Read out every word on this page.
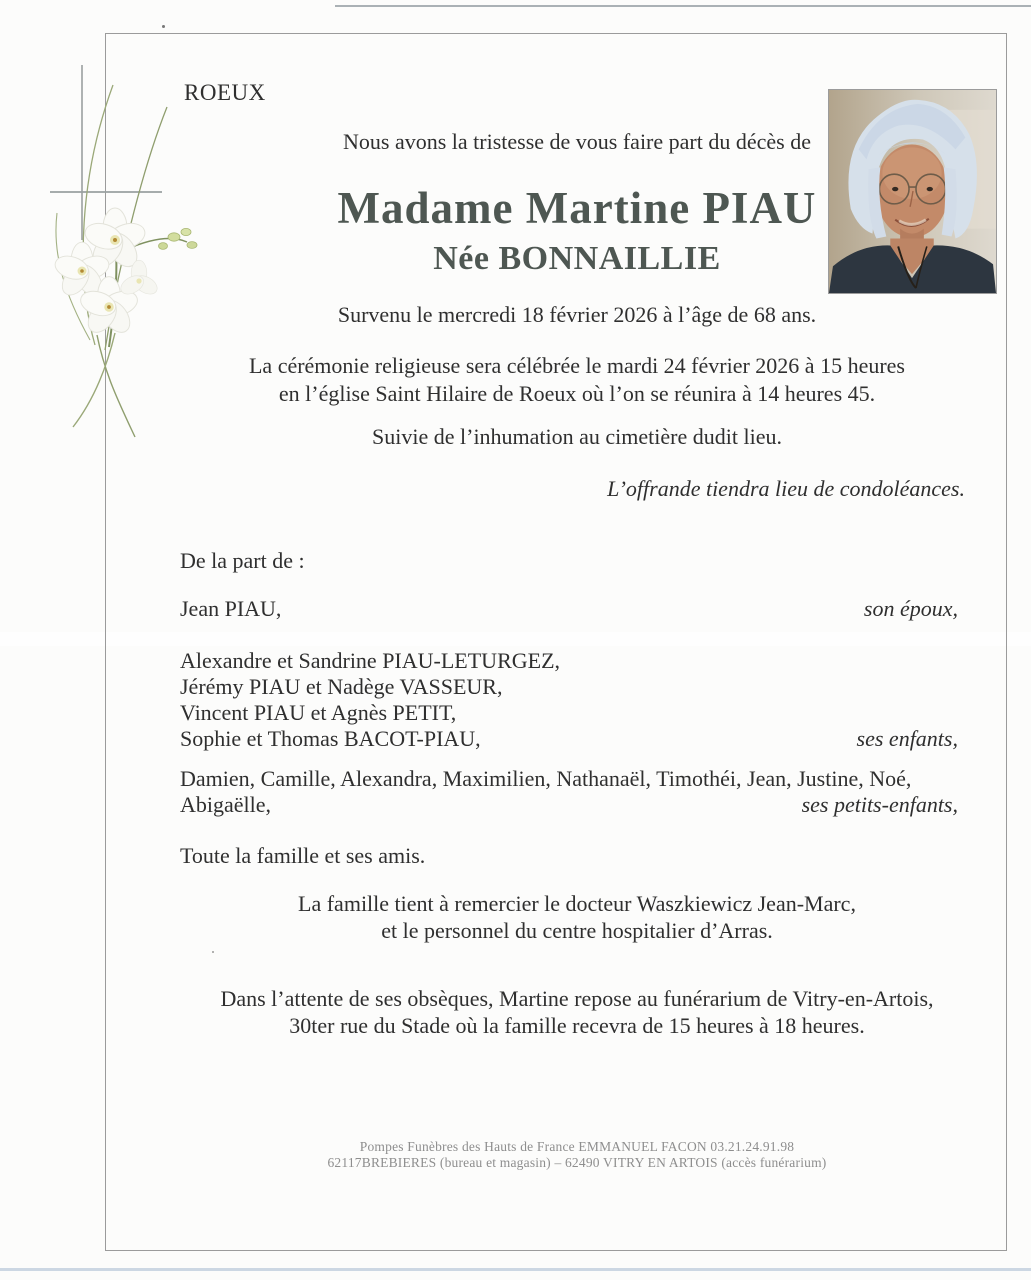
ROEUX
Nous avons la tristesse de vous faire part du décès de
Madame Martine PIAU
Née BONNAILLIE
Survenu le mercredi 18 février 2026 à l’âge de 68 ans.
La cérémonie religieuse sera célébrée le mardi 24 février 2026 à 15 heures
en l’église Saint Hilaire de Roeux où l’on se réunira à 14 heures 45.
Suivie de l’inhumation au cimetière dudit lieu.
L’offrande tiendra lieu de condoléances.
De la part de :
Jean PIAU,	son époux,
Alexandre et Sandrine PIAU-LETURGEZ,
Jérémy PIAU et Nadège VASSEUR,
Vincent PIAU et Agnès PETIT,
Sophie et Thomas BACOT-PIAU,	ses enfants,
Damien, Camille, Alexandra, Maximilien, Nathanaël, Timothéi, Jean, Justine, Noé,
Abigaëlle,	ses petits-enfants,
Toute la famille et ses amis.
La famille tient à remercier le docteur Waszkiewicz Jean-Marc,
et le personnel du centre hospitalier d’Arras.
Dans l’attente de ses obsèques, Martine repose au funérarium de Vitry-en-Artois,
30ter rue du Stade où la famille recevra de 15 heures à 18 heures.
Pompes Funèbres des Hauts de France EMMANUEL FACON 03.21.24.91.98
62117BREBIERES (bureau et magasin) – 62490 VITRY EN ARTOIS (accès funérarium)
